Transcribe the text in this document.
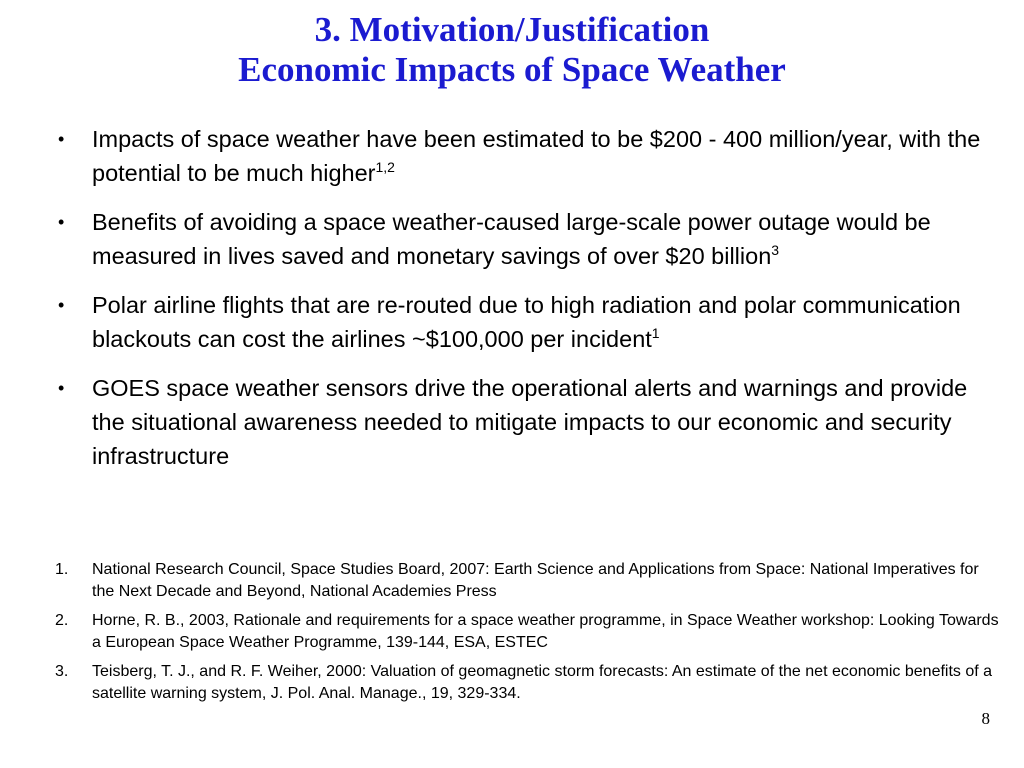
3. Motivation/Justification
Economic Impacts of Space Weather
• Impacts of space weather have been estimated to be $200 - 400 million/year, with the potential to be much higher$^{1,2}$
• Benefits of avoiding a space weather-caused large-scale power outage would be measured in lives saved and monetary savings of over $20 billion$^3$
• Polar airline flights that are re-routed due to high radiation and polar communication blackouts can cost the airlines ~$100,000 per incident$^1$
• GOES space weather sensors drive the operational alerts and warnings and provide the situational awareness needed to mitigate impacts to our economic and security infrastructure
1. National Research Council, Space Studies Board, 2007: Earth Science and Applications from Space: National Imperatives for the Next Decade and Beyond, National Academies Press
2. Horne, R. B., 2003, Rationale and requirements for a space weather programme, in Space Weather workshop: Looking Towards a European Space Weather Programme, 139-144, ESA, ESTEC
3. Teisberg, T. J., and R. F. Weiher, 2000: Valuation of geomagnetic storm forecasts: An estimate of the net economic benefits of a satellite warning system, J. Pol. Anal. Manage., 19, 329-334.
8
